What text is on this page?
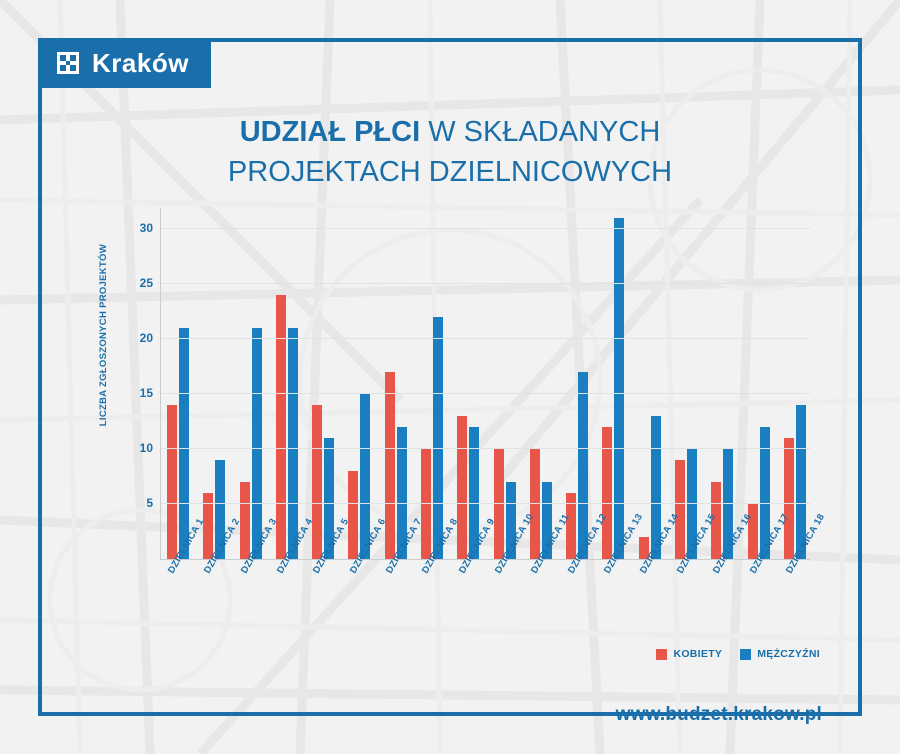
Kraków
UDZIAŁ PŁCI W SKŁADANYCH
PROJEKTACH DZIELNICOWYCH
LICZBA ZGŁOSZONYCH PROJEKTÓW
5
10
15
20
25
30
1	2	3	4	5	6	7	8	9	10	11	12	13	18
KOBIETY	MĘŻCZYŹNI
www.budzet.krakow.pl
